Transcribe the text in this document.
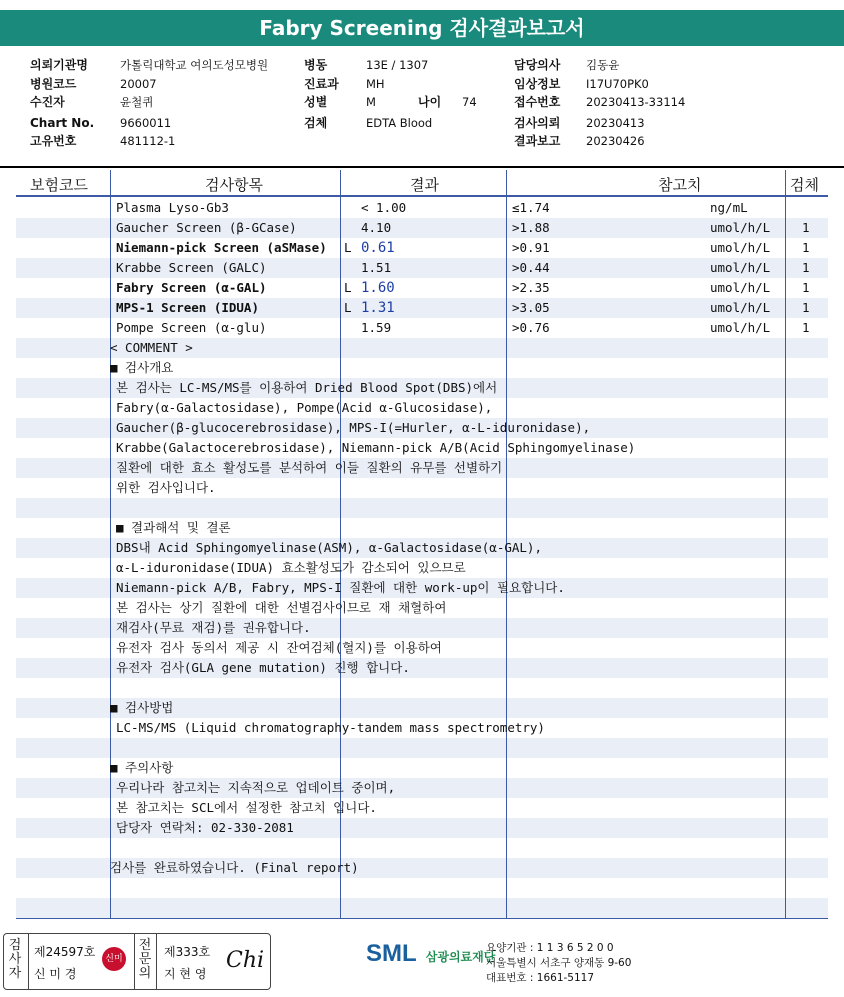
Fabry Screening 검사결과보고서
의뢰기관명	가톨릭대학교 여의도성모병원
병원코드	20007
수진자	윤철퀴
Chart No. 9660011
고유번호	481112-1
병동	13E / 1307
진료과 MH
성별	M	나이 74
검체	EDTA Blood
담당의사 김동윤
임상정보 I17U70PK0
접수번호 20230413-33114
검사의뢰 20230413
결과보고 20230426
보험코드	검사항목	결과	참고치	검체
Plasma Lyso-Gb3	< 1.00	≤1.74	ng/mL
Gaucher Screen (β-GCase)	4.10	>1.88	umol/h/L	1
Niemann-pick Screen (aSMase) L 0.61	>0.91	umol/h/L	1
Krabbe Screen (GALC)	1.51	>0.44	umol/h/L	1
Fabry Screen (α-GAL)	L 1.60	>2.35	umol/h/L	1
MPS-1 Screen (IDUA)	L 1.31	>3.05	umol/h/L	1
Pompe Screen (α-glu)	1.59	>0.76	umol/h/L	1
< COMMENT >
■ 검사개요
본 검사는 LC-MS/MS를 이용하여 Dried Blood Spot(DBS)에서
Fabry(α-Galactosidase), Pompe(Acid α-Glucosidase),
Gaucher(β-glucocerebrosidase), MPS-I(=Hurler, α-L-iduronidase),
Krabbe(Galactocerebrosidase), Niemann-pick A/B(Acid Sphingomyelinase)
질환에 대한 효소 활성도를 분석하여 이들 질환의 유무를 선별하기
위한 검사입니다.
■ 결과해석 및 결론
DBS내 Acid Sphingomyelinase(ASM), α-Galactosidase(α-GAL),
α-L-iduronidase(IDUA) 효소활성도가 감소되어 있으므로
Niemann-pick A/B, Fabry, MPS-I 질환에 대한 work-up이 필요합니다.
본 검사는 상기 질환에 대한 선별검사이므로 재 채혈하여
재검사(무료 재검)를 권유합니다.
유전자 검사 동의서 제공 시 잔여검체(혈지)를 이용하여
유전자 검사(GLA gene mutation) 진행 합니다.
■ 검사방법
LC-MS/MS (Liquid chromatography-tandem mass spectrometry)
■ 주의사항
우리나라 참고치는 지속적으로 업데이트 중이며,
본 참고치는 SCL에서 설정한 참고치 입니다.
담당자 연락처: 02-330-2081
검사를 완료하였습니다. (Final report)
검사자
제24597호
신 미 경
신미경
전문의
제333호
지 현 영
Chi	SML 삼광의료재단
요양기관 : 1 1 3 6 5 2 0 0
서울특별시 서초구 양재동 9-60
대표번호 : 1661-5117
